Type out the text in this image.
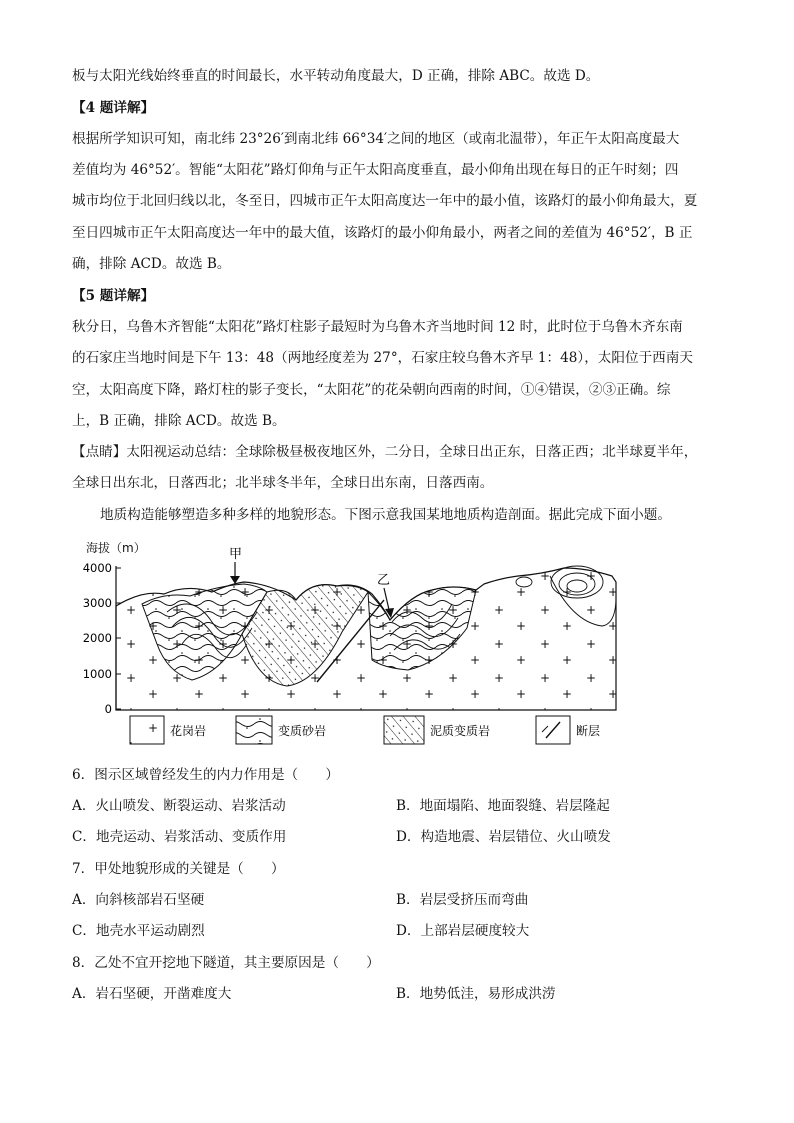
板与太阳光线始终垂直的时间最长，水平转动角度最大，D 正确，排除 ABC。故选 D。
【4 题详解】
根据所学知识可知，南北纬 23°26′到南北纬 66°34′之间的地区（或南北温带），年正午太阳高度最大
差值均为 46°52′。智能“太阳花”路灯仰角与正午太阳高度垂直，最小仰角出现在每日的正午时刻；四
城市均位于北回归线以北，冬至日，四城市正午太阳高度达一年中的最小值，该路灯的最小仰角最大，夏
至日四城市正午太阳高度达一年中的最大值，该路灯的最小仰角最小，两者之间的差值为 46°52′，B 正
确，排除 ACD。故选 B。
【5 题详解】
秋分日，乌鲁木齐智能“太阳花”路灯柱影子最短时为乌鲁木齐当地时间 12 时，此时位于乌鲁木齐东南
的石家庄当地时间是下午 13：48（两地经度差为 27°，石家庄较乌鲁木齐早 1：48），太阳位于西南天
空，太阳高度下降，路灯柱的影子变长，“太阳花”的花朵朝向西南的时间，①④错误，②③正确。综
上，B 正确，排除 ACD。故选 B。
【点睛】太阳视运动总结：全球除极昼极夜地区外，二分日，全球日出正东，日落正西；北半球夏半年，
全球日出东北，日落西北；北半球冬半年，全球日出东南，日落西南。
地质构造能够塑造多种多样的地貌形态。下图示意我国某地地质构造剖面。据此完成下面小题。
海拔（m）
4000
3000
2000
1000
0
甲
乙
花岗岩	变质砂岩	泥质变质岩	断层
6．图示区域曾经发生的内力作用是（　　）
A．火山喷发、断裂运动、岩浆活动	B．地面塌陷、地面裂缝、岩层隆起
C．地壳运动、岩浆活动、变质作用	D．构造地震、岩层错位、火山喷发
7．甲处地貌形成的关键是（　　）
A．向斜核部岩石坚硬	B．岩层受挤压而弯曲
C．地壳水平运动剧烈	D．上部岩层硬度较大
8．乙处不宜开挖地下隧道，其主要原因是（　　）
A．岩石坚硬，开凿难度大	B．地势低洼，易形成洪涝
